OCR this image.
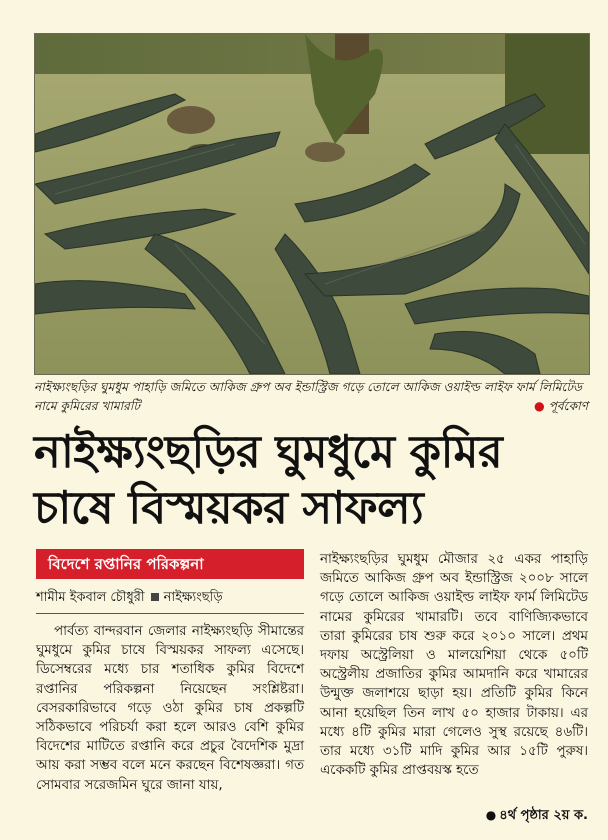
নাইক্ষ্যংছড়ির ঘুমধুম পাহাড়ি জমিতে আকিজ গ্রুপ অব ইন্ডাস্ট্রিজ গড়ে তোলে আকিজ ওয়াইল্ড লাইফ ফার্ম লিমিটেড নামে কুমিরের খামারটি	● পূর্বকোণ
নাইক্ষ্যংছড়ির ঘুমধুমে কুমির
চাষে বিস্ময়কর সাফল্য
বিদেশে রপ্তানির পরিকল্পনা
শামীম ইকবাল চৌধুরী নাইক্ষ্যংছড়ি
পার্বত্য বান্দরবান জেলার নাইক্ষ্যংছড়ি সীমান্তের ঘুমধুমে কুমির চাষে বিস্ময়কর সাফল্য এসেছে। ডিসেম্বরের মধ্যে চার শতাধিক কুমির বিদেশে রপ্তানির পরিকল্পনা নিয়েছেন সংশ্লিষ্টরা। বেসরকারিভাবে গড়ে ওঠা কুমির চাষ প্রকল্পটি সঠিকভাবে পরিচর্যা করা হলে আরও বেশি কুমির বিদেশের মাটিতে রপ্তানি করে প্রচুর বৈদেশিক মুদ্রা আয় করা সম্ভব বলে মনে করছেন বিশেষজ্ঞরা। গত সোমবার সরেজমিন ঘুরে জানা যায়,
নাইক্ষ্যংছড়ির ঘুমধুম মৌজার ২৫ একর পাহাড়ি জমিতে আকিজ গ্রুপ অব ইন্ডাস্ট্রিজ ২০০৮ সালে গড়ে তোলে আকিজ ওয়াইল্ড লাইফ ফার্ম লিমিটেড নামের কুমিরের খামারটি। তবে বাণিজ্যিকভাবে তারা কুমিরের চাষ শুরু করে ২০১০ সালে। প্রথম দফায় অস্ট্রেলিয়া ও মালয়েশিয়া থেকে ৫০টি অস্ট্রেলীয় প্রজাতির কুমির আমদানি করে খামারের উন্মুক্ত জলাশয়ে ছাড়া হয়। প্রতিটি কুমির কিনে আনা হয়েছিল তিন লাখ ৫০ হাজার টাকায়। এর মধ্যে ৪টি কুমির মারা গেলেও সুস্থ রয়েছে ৪৬টি। তার মধ্যে ৩১টি মাদি কুমির আর ১৫টি পুরুষ। একেকটি কুমির প্রাপ্তবয়স্ক হতে
● ৪র্থ পৃষ্ঠার ২য় ক.
